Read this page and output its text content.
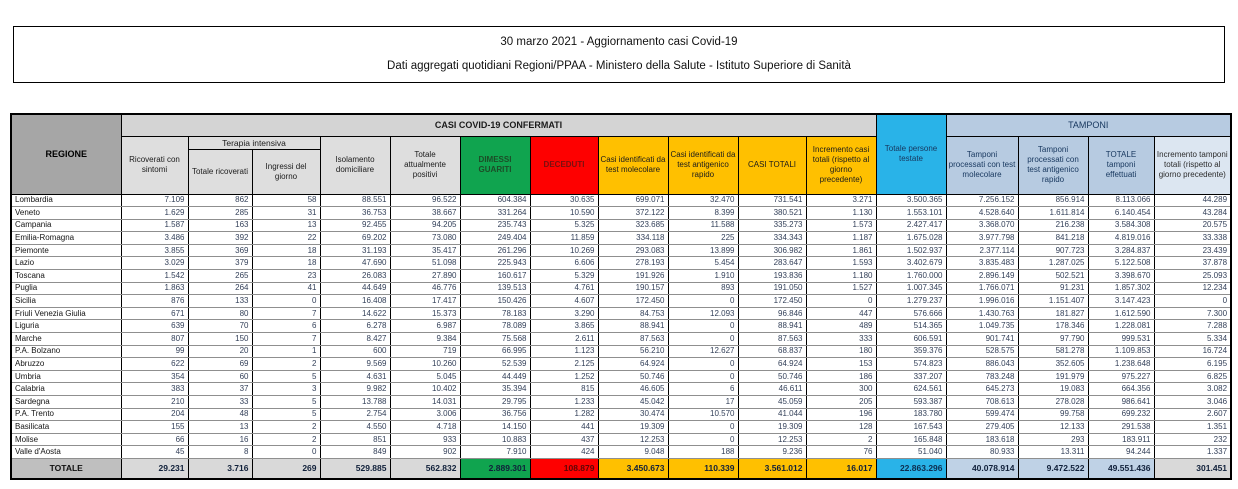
30 marzo 2021 - Aggiornamento casi Covid-19
Dati aggregati quotidiani Regioni/PPAA - Ministero della Salute - Istituto Superiore di Sanità
REGIONE	CASI COVID-19 CONFERMATI											Totale persone testate	TAMPONI			
	Ricoverati con sintomi	Terapia intensiva		Isolamento domiciliare	Totale attualmente positivi	DIMESSI GUARITI	DECEDUTI	Casi identificati da test molecolare	Casi identificati da test antigenico rapido	CASI TOTALI	Incremento casi totali (rispetto al giorno precedente)		Tamponi processati con test molecolare	Tamponi processati con test antigenico rapido	TOTALE tamponi effettuati	Incremento tamponi totali (rispetto al giorno precedente)
		Totale ricoverati	Ingressi del giorno													
Lombardia	7.109	862	58	88.551	96.522	604.384	30.635	699.071	32.470	731.541	3.271	3.500.365	7.256.152	856.914	8.113.066	44.289
Veneto	1.629	285	31	36.753	38.667	331.264	10.590	372.122	8.399	380.521	1.130	1.553.101	4.528.640	1.611.814	6.140.454	43.284
Campania	1.587	163	13	92.455	94.205	235.743	5.325	323.685	11.588	335.273	1.573	2.427.417	3.368.070	216.238	3.584.308	20.575
Emilia-Romagna	3.486	392	22	69.202	73.080	249.404	11.859	334.118	225	334.343	1.187	1.675.028	3.977.798	841.218	4.819.016	33.338
Piemonte	3.855	369	18	31.193	35.417	261.296	10.269	293.083	13.899	306.982	1.861	1.502.937	2.377.114	907.723	3.284.837	23.439
Lazio	3.029	379	18	47.690	51.098	225.943	6.606	278.193	5.454	283.647	1.593	3.402.679	3.835.483	1.287.025	5.122.508	37.878
Toscana	1.542	265	23	26.083	27.890	160.617	5.329	191.926	1.910	193.836	1.180	1.760.000	2.896.149	502.521	3.398.670	25.093
Puglia	1.863	264	41	44.649	46.776	139.513	4.761	190.157	893	191.050	1.527	1.007.345	1.766.071	91.231	1.857.302	12.234
Sicilia	876	133	0	16.408	17.417	150.426	4.607	172.450	0	172.450	0	1.279.237	1.996.016	1.151.407	3.147.423	0
Friuli Venezia Giulia	671	80	7	14.622	15.373	78.183	3.290	84.753	12.093	96.846	447	576.666	1.430.763	181.827	1.612.590	7.300
Liguria	639	70	6	6.278	6.987	78.089	3.865	88.941	0	88.941	489	514.365	1.049.735	178.346	1.228.081	7.288
Marche	807	150	7	8.427	9.384	75.568	2.611	87.563	0	87.563	333	606.591	901.741	97.790	999.531	5.334
P.A. Bolzano	99	20	1	600	719	66.995	1.123	56.210	12.627	68.837	180	359.376	528.575	581.278	1.109.853	16.724
Abruzzo	622	69	2	9.569	10.260	52.539	2.125	64.924	0	64.924	153	574.823	886.043	352.605	1.238.648	6.195
Umbria	354	60	5	4.631	5.045	44.449	1.252	50.746	0	50.746	186	337.207	783.248	191.979	975.227	6.825
Calabria	383	37	3	9.982	10.402	35.394	815	46.605	6	46.611	300	624.561	645.273	19.083	664.356	3.082
Sardegna	210	33	5	13.788	14.031	29.795	1.233	45.042	17	45.059	205	593.387	708.613	278.028	986.641	3.046
P.A. Trento	204	48	5	2.754	3.006	36.756	1.282	30.474	10.570	41.044	196	183.780	599.474	99.758	699.232	2.607
Basilicata	155	13	2	4.550	4.718	14.150	441	19.309	0	19.309	128	167.543	279.405	12.133	291.538	1.351
Molise	66	16	2	851	933	10.883	437	12.253	0	12.253	2	165.848	183.618	293	183.911	232
Valle d'Aosta	45	8	0	849	902	7.910	424	9.048	188	9.236	76	51.040	80.933	13.311	94.244	1.337
TOTALE	29.231	3.716	269	529.885	562.832	2.889.301	108.879	3.450.673	110.339	3.561.012	16.017	22.863.296	40.078.914	9.472.522	49.551.436	301.451
